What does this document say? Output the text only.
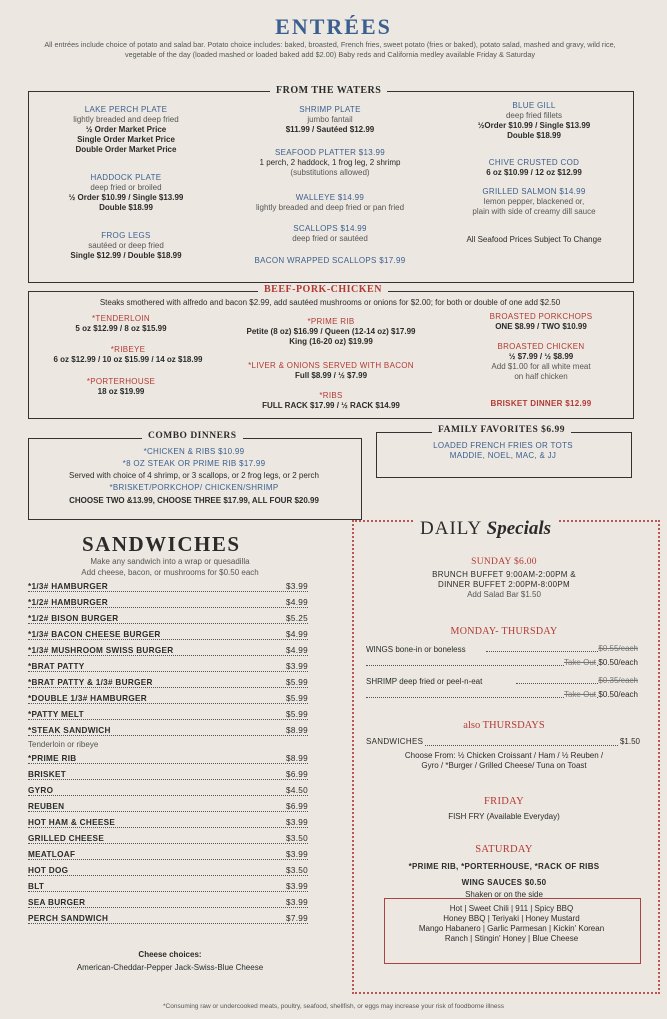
ENTRÉES
All entrées include choice of potato and salad bar. Potato choice includes: baked, broasted, French fries, sweet potato (fries or baked), potato salad, mashed and gravy, wild rice, vegetable of the day (loaded mashed or loaded baked add $2.00) Baby reds and California medley available Friday & Saturday
FROM THE WATERS
LAKE PERCH PLATE
lightly breaded and deep fried
½ Order Market Price
Single Order Market Price
Double Order Market Price
HADDOCK PLATE
deep fried or broiled
½ Order $10.99 / Single $13.99
Double $18.99
FROG LEGS
sautéed or deep fried
Single $12.99 / Double $18.99
SHRIMP PLATE
jumbo fantail
$11.99 / Sautéed $12.99
SEAFOOD PLATTER $13.99
1 perch, 2 haddock, 1 frog leg, 2 shrimp
(substitutions allowed)
WALLEYE $14.99
lightly breaded and deep fried or pan fried
SCALLOPS $14.99
deep fried or sautéed
BACON WRAPPED SCALLOPS $17.99
BLUE GILL
deep fried fillets
½Order $10.99 / Single $13.99
Double $18.99
CHIVE CRUSTED COD
6 oz $10.99 / 12 oz $12.99
GRILLED SALMON $14.99
lemon pepper, blackened or,
plain with side of creamy dill sauce
All Seafood Prices Subject To Change
BEEF-PORK-CHICKEN
Steaks smothered with alfredo and bacon $2.99, add sautéed mushrooms or onions for $2.00; for both or double of one add $2.50
*TENDERLOIN
5 oz $12.99 / 8 oz $15.99
*RIBEYE
6 oz $12.99 / 10 oz $15.99 / 14 oz $18.99
*PORTERHOUSE
18 oz $19.99
*PRIME RIB
Petite (8 oz) $16.99 / Queen (12-14 oz) $17.99
King (16-20 oz) $19.99
*LIVER & ONIONS SERVED WITH BACON
Full $8.99 / ½ $7.99
*RIBS
FULL RACK $17.99 / ½ RACK $14.99
BROASTED PORKCHOPS
ONE $8.99 / TWO $10.99
BROASTED CHICKEN
½ $7.99 / ½ $8.99
Add $1.00 for all white meat
on half chicken
BRISKET DINNER $12.99
COMBO DINNERS
*CHICKEN & RIBS $10.99
*8 OZ STEAK OR PRIME RIB $17.99
Served with choice of 4 shrimp, or 3 scallops, or 2 frog legs, or 2 perch
*BRISKET/PORKCHOP/ CHICKEN/SHRIMP
CHOOSE TWO &13.99, CHOOSE THREE $17.99, ALL FOUR $20.99
FAMILY FAVORITES $6.99
LOADED FRENCH FRIES OR TOTS
MADDIE, NOEL, MAC, & JJ
SANDWICHES
Make any sandwich into a wrap or quesadilla
Add cheese, bacon, or mushrooms for $0.50 each
*1/3# HAMBURGER	$3.99
*1/2# HAMBURGER	$4.99
*1/2# BISON BURGER	$5.25
*1/3# BACON CHEESE BURGER	$4.99
*1/3# MUSHROOM SWISS BURGER	$4.99
*BRAT PATTY	$3.99
*BRAT PATTY & 1/3# BURGER	$5.99
*DOUBLE 1/3# HAMBURGER	$5.99
*PATTY MELT	$5.99
*STEAK SANDWICH	$8.99
*PRIME RIB	$8.99
BRISKET	$6.99
GYRO	$4.50
REUBEN	$6.99
HOT HAM & CHEESE	$3.99
GRILLED CHEESE	$3.50
MEATLOAF	$3.99
HOT DOG	$3.50
BLT	$3.99
SEA BURGER	$3.99
PERCH SANDWICH	$7.99
Tenderloin or ribeye
Cheese choices:
American-Cheddar-Pepper Jack-Swiss-Blue Cheese
DAILY Specials
SUNDAY $6.00
BRUNCH BUFFET 9:00AM-2:00PM &
DINNER BUFFET 2:00PM-8:00PM
Add Salad Bar $1.50
MONDAY- THURSDAY
WINGS bone-in or boneless	$0.55/each
Take Out $0.50/each
SHRIMP deep fried or peel-n-eat	$0.35/each
Take Out $0.50/each
also THURSDAYS
SANDWICHES	$1.50
Choose From: ½ Chicken Croissant / Ham / ½ Reuben /
Gyro / *Burger / Grilled Cheese/ Tuna on Toast
FRIDAY
FISH FRY (Available Everyday)
SATURDAY
*PRIME RIB, *PORTERHOUSE, *RACK OF RIBS
WING SAUCES $0.50
Shaken or on the side
Hot | Sweet Chili | 911 | Spicy BBQ
Honey BBQ | Teriyaki | Honey Mustard
Mango Habanero | Garlic Parmesan | Kickin' Korean
Ranch | Stingin' Honey | Blue Cheese
*Consuming raw or undercooked meats, poultry, seafood, shellfish, or eggs may increase your risk of foodborne illness
